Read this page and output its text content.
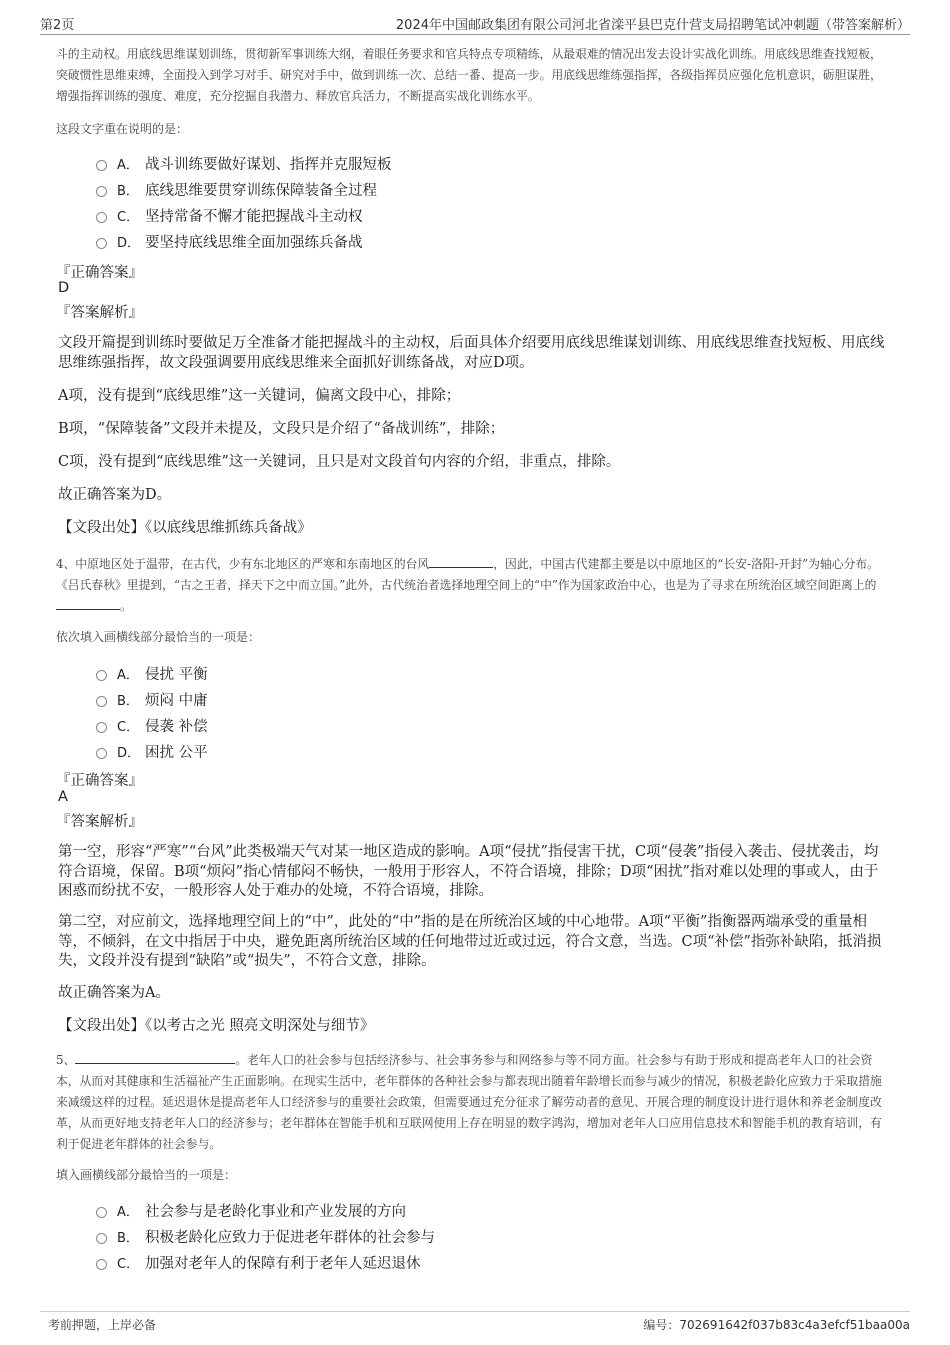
第2页	2024年中国邮政集团有限公司河北省滦平县巴克什营支局招聘笔试冲刺题（带答案解析）
斗的主动权。用底线思维谋划训练，贯彻新军事训练大纲，着眼任务要求和官兵特点专项精练，从最艰难的情况出发去设计实战化训练。用底线思维查找短板，突破惯性思维束缚，全面投入到学习对手、研究对手中，做到训练一次、总结一番、提高一步。用底线思维练强指挥，各级指挥员应强化危机意识，砺胆谋胜，增强指挥训练的强度、难度，充分挖掘自我潜力、释放官兵活力，不断提高实战化训练水平。
这段文字重在说明的是：
A． 战斗训练要做好谋划、指挥并克服短板
B． 底线思维要贯穿训练保障装备全过程
C． 坚持常备不懈才能把握战斗主动权
D． 要坚持底线思维全面加强练兵备战
『正确答案』
D
『答案解析』
文段开篇提到训练时要做足万全准备才能把握战斗的主动权，后面具体介绍要用底线思维谋划训练、用底线思维查找短板、用底线思维练强指挥，故文段强调要用底线思维来全面抓好训练备战，对应D项。
A项，没有提到“底线思维”这一关键词，偏离文段中心，排除；
B项，“保障装备”文段并未提及，文段只是介绍了“备战训练”，排除；
C项，没有提到“底线思维”这一关键词，且只是对文段首句内容的介绍，非重点，排除。
故正确答案为D。
【文段出处】《以底线思维抓练兵备战》
4、中原地区处于温带，在古代，少有东北地区的严寒和东南地区的台风	，因此，中国古代建都主要是以中原地区的“长安-洛阳-开封”为轴心分布。《吕氏春秋》里提到，“古之王者，择天下之中而立国。”此外，古代统治者选择地理空间上的“中”作为国家政治中心，也是为了寻求在所统治区域空间距离上的。
依次填入画横线部分最恰当的一项是：
A． 侵扰 平衡
B． 烦闷 中庸
C． 侵袭 补偿
D． 困扰 公平
『正确答案』
A
『答案解析』
第一空，形容“严寒”“台风”此类极端天气对某一地区造成的影响。A项“侵扰”指侵害干扰，C项“侵袭”指侵入袭击、侵扰袭击，均符合语境，保留。B项“烦闷”指心情郁闷不畅快，一般用于形容人，不符合语境，排除；D项“困扰”指对难以处理的事或人，由于困惑而纷扰不安，一般形容人处于难办的处境，不符合语境，排除。
第二空，对应前文，选择地理空间上的“中”，此处的“中”指的是在所统治区域的中心地带。A项“平衡”指衡器两端承受的重量相等，不倾斜，在文中指居于中央，避免距离所统治区域的任何地带过近或过远，符合文意，当选。C项“补偿”指弥补缺陷，抵消损失，文段并没有提到“缺陷”或“损失”，不符合文意，排除。
故正确答案为A。
【文段出处】《以考古之光 照亮文明深处与细节》
5、	。老年人口的社会参与包括经济参与、社会事务参与和网络参与等不同方面。社会参与有助于形成和提高老年人口的社会资本，从而对其健康和生活福祉产生正面影响。在现实生活中，老年群体的各种社会参与都表现出随着年龄增长而参与减少的情况，积极老龄化应致力于采取措施来减缓这样的过程。延迟退休是提高老年人口经济参与的重要社会政策，但需要通过充分征求了解劳动者的意见、开展合理的制度设计进行退休和养老金制度改革，从而更好地支持老年人口的经济参与；老年群体在智能手机和互联网使用上存在明显的数字鸿沟，增加对老年人口应用信息技术和智能手机的教育培训，有利于促进老年群体的社会参与。
填入画横线部分最恰当的一项是：
A． 社会参与是老龄化事业和产业发展的方向
B． 积极老龄化应致力于促进老年群体的社会参与
C． 加强对老年人的保障有利于老年人延迟退休
考前押题，上岸必备	编号：702691642f037b83c4a3efcf51baa00a
